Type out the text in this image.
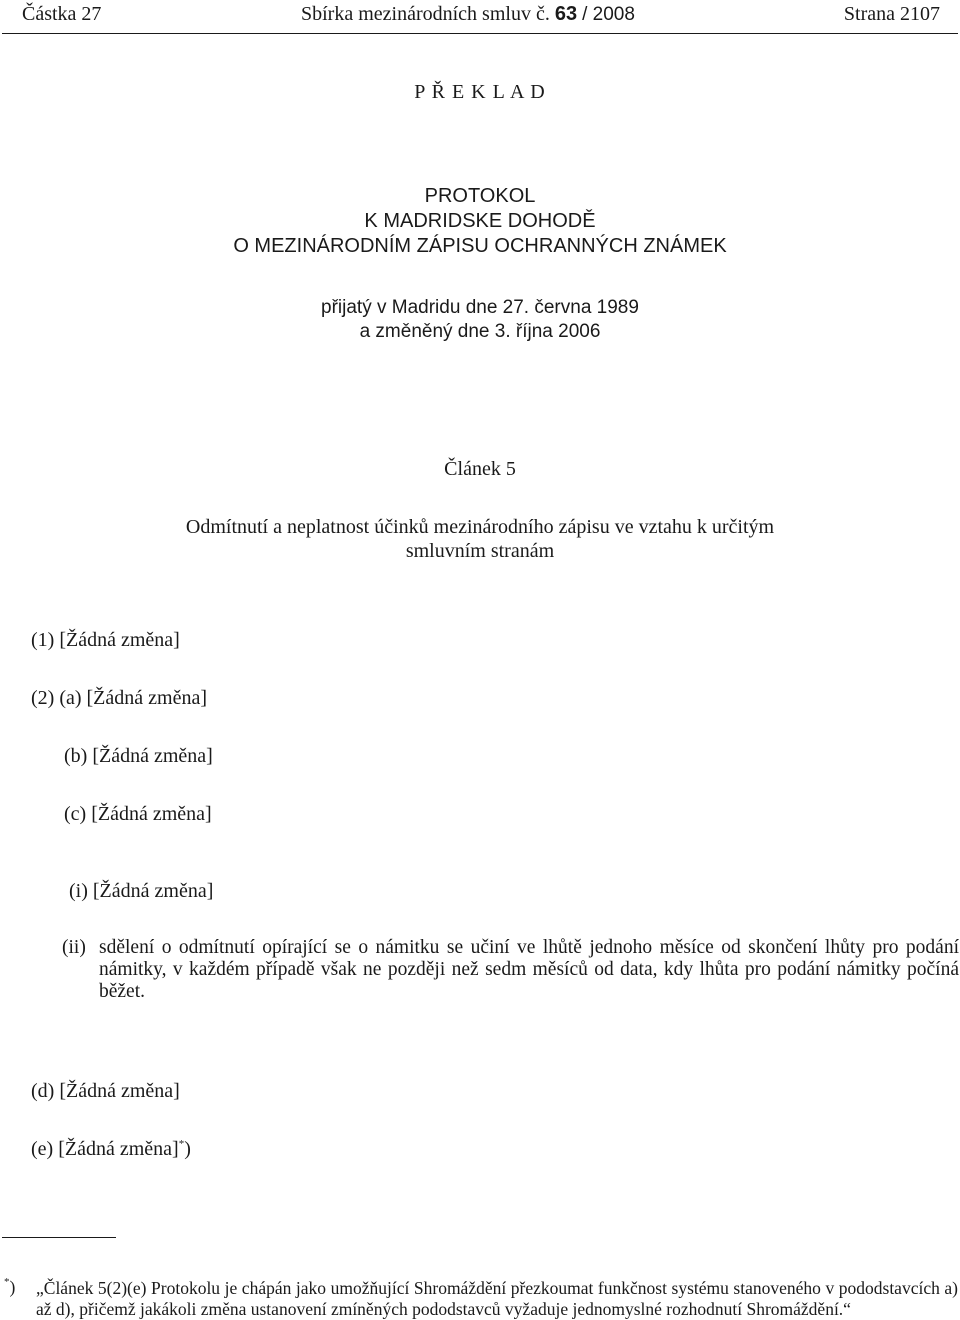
Částka 27	Sbírka mezinárodních smluv č. 63 / 2008	Strana 2107
P Ř E K L A D
PROTOKOL
K MADRIDSKE DOHODĚ
O MEZINÁRODNÍM ZÁPISU OCHRANNÝCH ZNÁMEK
přijatý v Madridu dne 27. června 1989
a změněný dne 3. října 2006
Článek 5
Odmítnutí a neplatnost účinků mezinárodního zápisu ve vztahu k určitým
smluvním stranám
(1) [Žádná změna]
(2) (a) [Žádná změna]
(b) [Žádná změna]
(c) [Žádná změna]
(i) [Žádná změna]
(ii) sdělení o odmítnutí opírající se o námitku se učiní ve lhůtě jednoho měsíce od skončení lhůty pro podání námitky, v každém případě však ne později než sedm měsíců od data, kdy lhůta pro podání námitky počíná běžet.
(d) [Žádná změna]
(e) [Žádná změna]*)
*) „Článek 5(2)(e) Protokolu je chápán jako umožňující Shromáždění přezkoumat funkčnost systému stanoveného v pododstavcích a) až d), přičemž jakákoli změna ustanovení zmíněných pododstavců vyžaduje jednomyslné rozhodnutí Shromáždění.“
